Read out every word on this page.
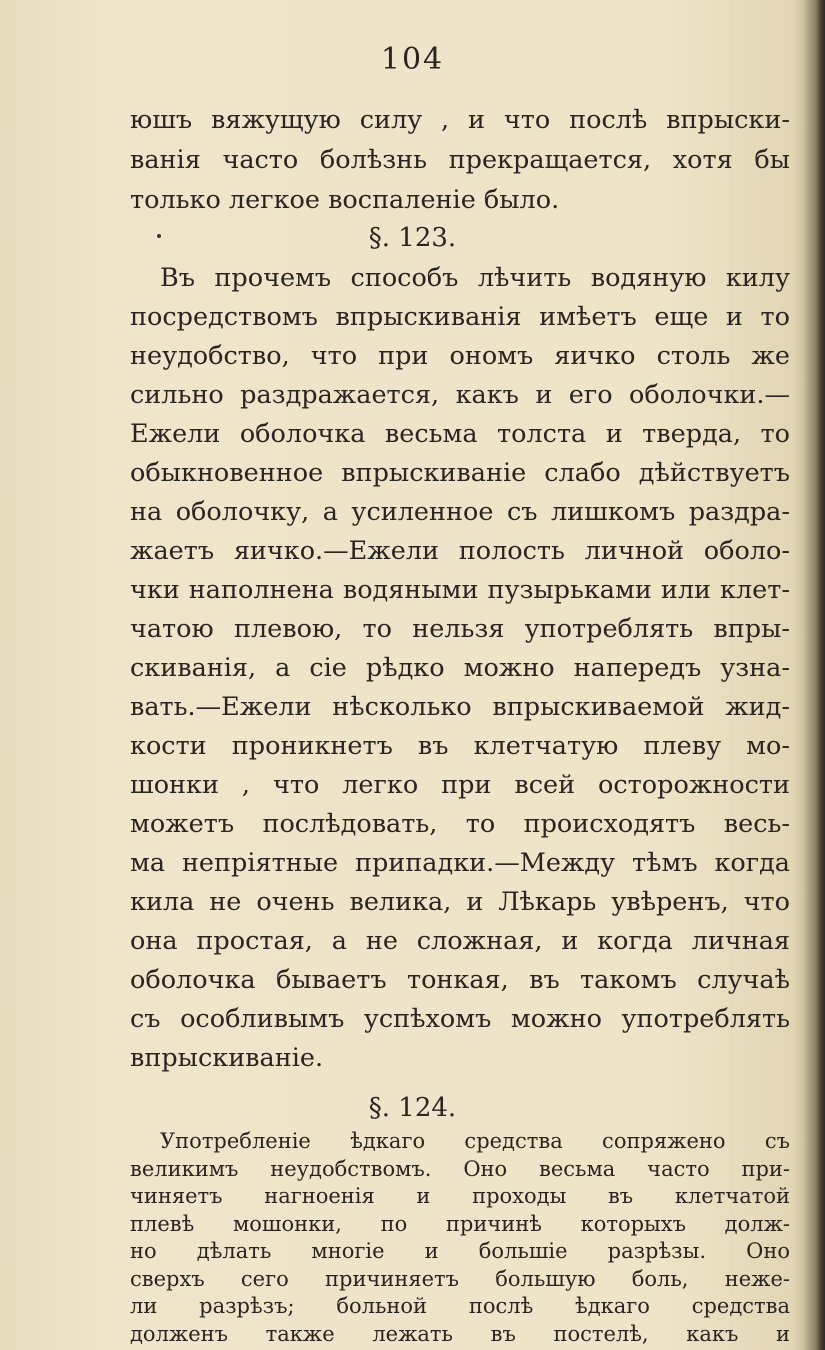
104
юшъ вяжущую силу , и что послѣ впрыски-
ванія часто болѣзнь прекращается, хотя бы
только легкое воспаленіе было.
§. 123.
Въ прочемъ способъ лѣчить водяную килу
посредствомъ впрыскиванія имѣетъ еще и то
неудобство, что при ономъ яичко столь же
сильно раздражается, какъ и его оболочки.—
Ежели оболочка весьма толста и тверда, то
обыкновенное впрыскиваніе слабо дѣйствуетъ
на оболочку, а усиленное съ лишкомъ раздра-
жаетъ яичко.—Ежели полость личной оболо-
чки наполнена водяными пузырьками или клет-
чатою плевою, то нельзя употреблять впры-
скиванія, а сіе рѣдко можно напередъ узна-
вать.—Ежели нѣсколько впрыскиваемой жид-
кости проникнетъ въ клетчатую плеву мо-
шонки , что легко при всей осторожности
можетъ послѣдовать, то происходятъ весь-
ма непріятные припадки.—Между тѣмъ когда
кила не очень велика, и Лѣкарь увѣренъ, что
она простая, а не сложная, и когда личная
оболочка бываетъ тонкая, въ такомъ случаѣ
съ особливымъ успѣхомъ можно употреблять
впрыскиваніе.
§. 124.
Употребленіе ѣдкаго средства сопряжено съ
великимъ неудобствомъ. Оно весьма часто при-
чиняетъ нагноенія и проходы въ клетчатой
плевѣ мошонки, по причинѣ которыхъ долж-
но дѣлать многіе и большіе разрѣзы. Оно
сверхъ сего причиняетъ большую боль, неже-
ли разрѣзъ; больной послѣ ѣдкаго средства
долженъ также лежать въ постелѣ, какъ и
